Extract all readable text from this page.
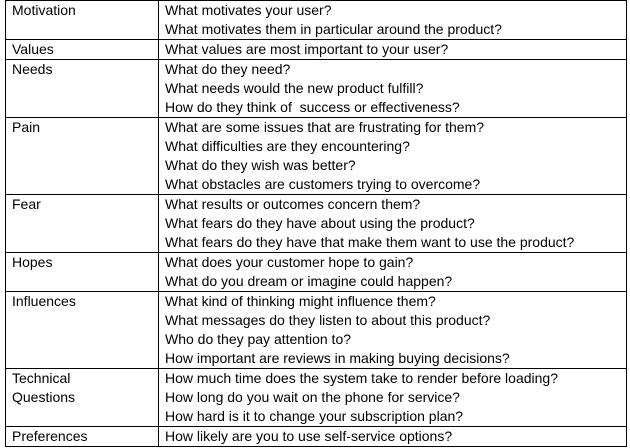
Motivation	What motivates your user?
What motivates them in particular around the product?

Values	What values are most important to your user?

Needs	What do they need?
What needs would the new product fulfill?
How do they think of  success or effectiveness?

Pain	What are some issues that are frustrating for them?
What difficulties are they encountering?
What do they wish was better?
What obstacles are customers trying to overcome?

Fear	What results or outcomes concern them?
What fears do they have about using the product?
What fears do they have that make them want to use the product?

Hopes	What does your customer hope to gain?
What do you dream or imagine could happen?

Influences	What kind of thinking might influence them?
What messages do they listen to about this product?
Who do they pay attention to?
How important are reviews in making buying decisions?

Technical
Questions	How much time does the system take to render before loading?
How long do you wait on the phone for service?
How hard is it to change your subscription plan?

Preferences	How likely are you to use self-service options?
